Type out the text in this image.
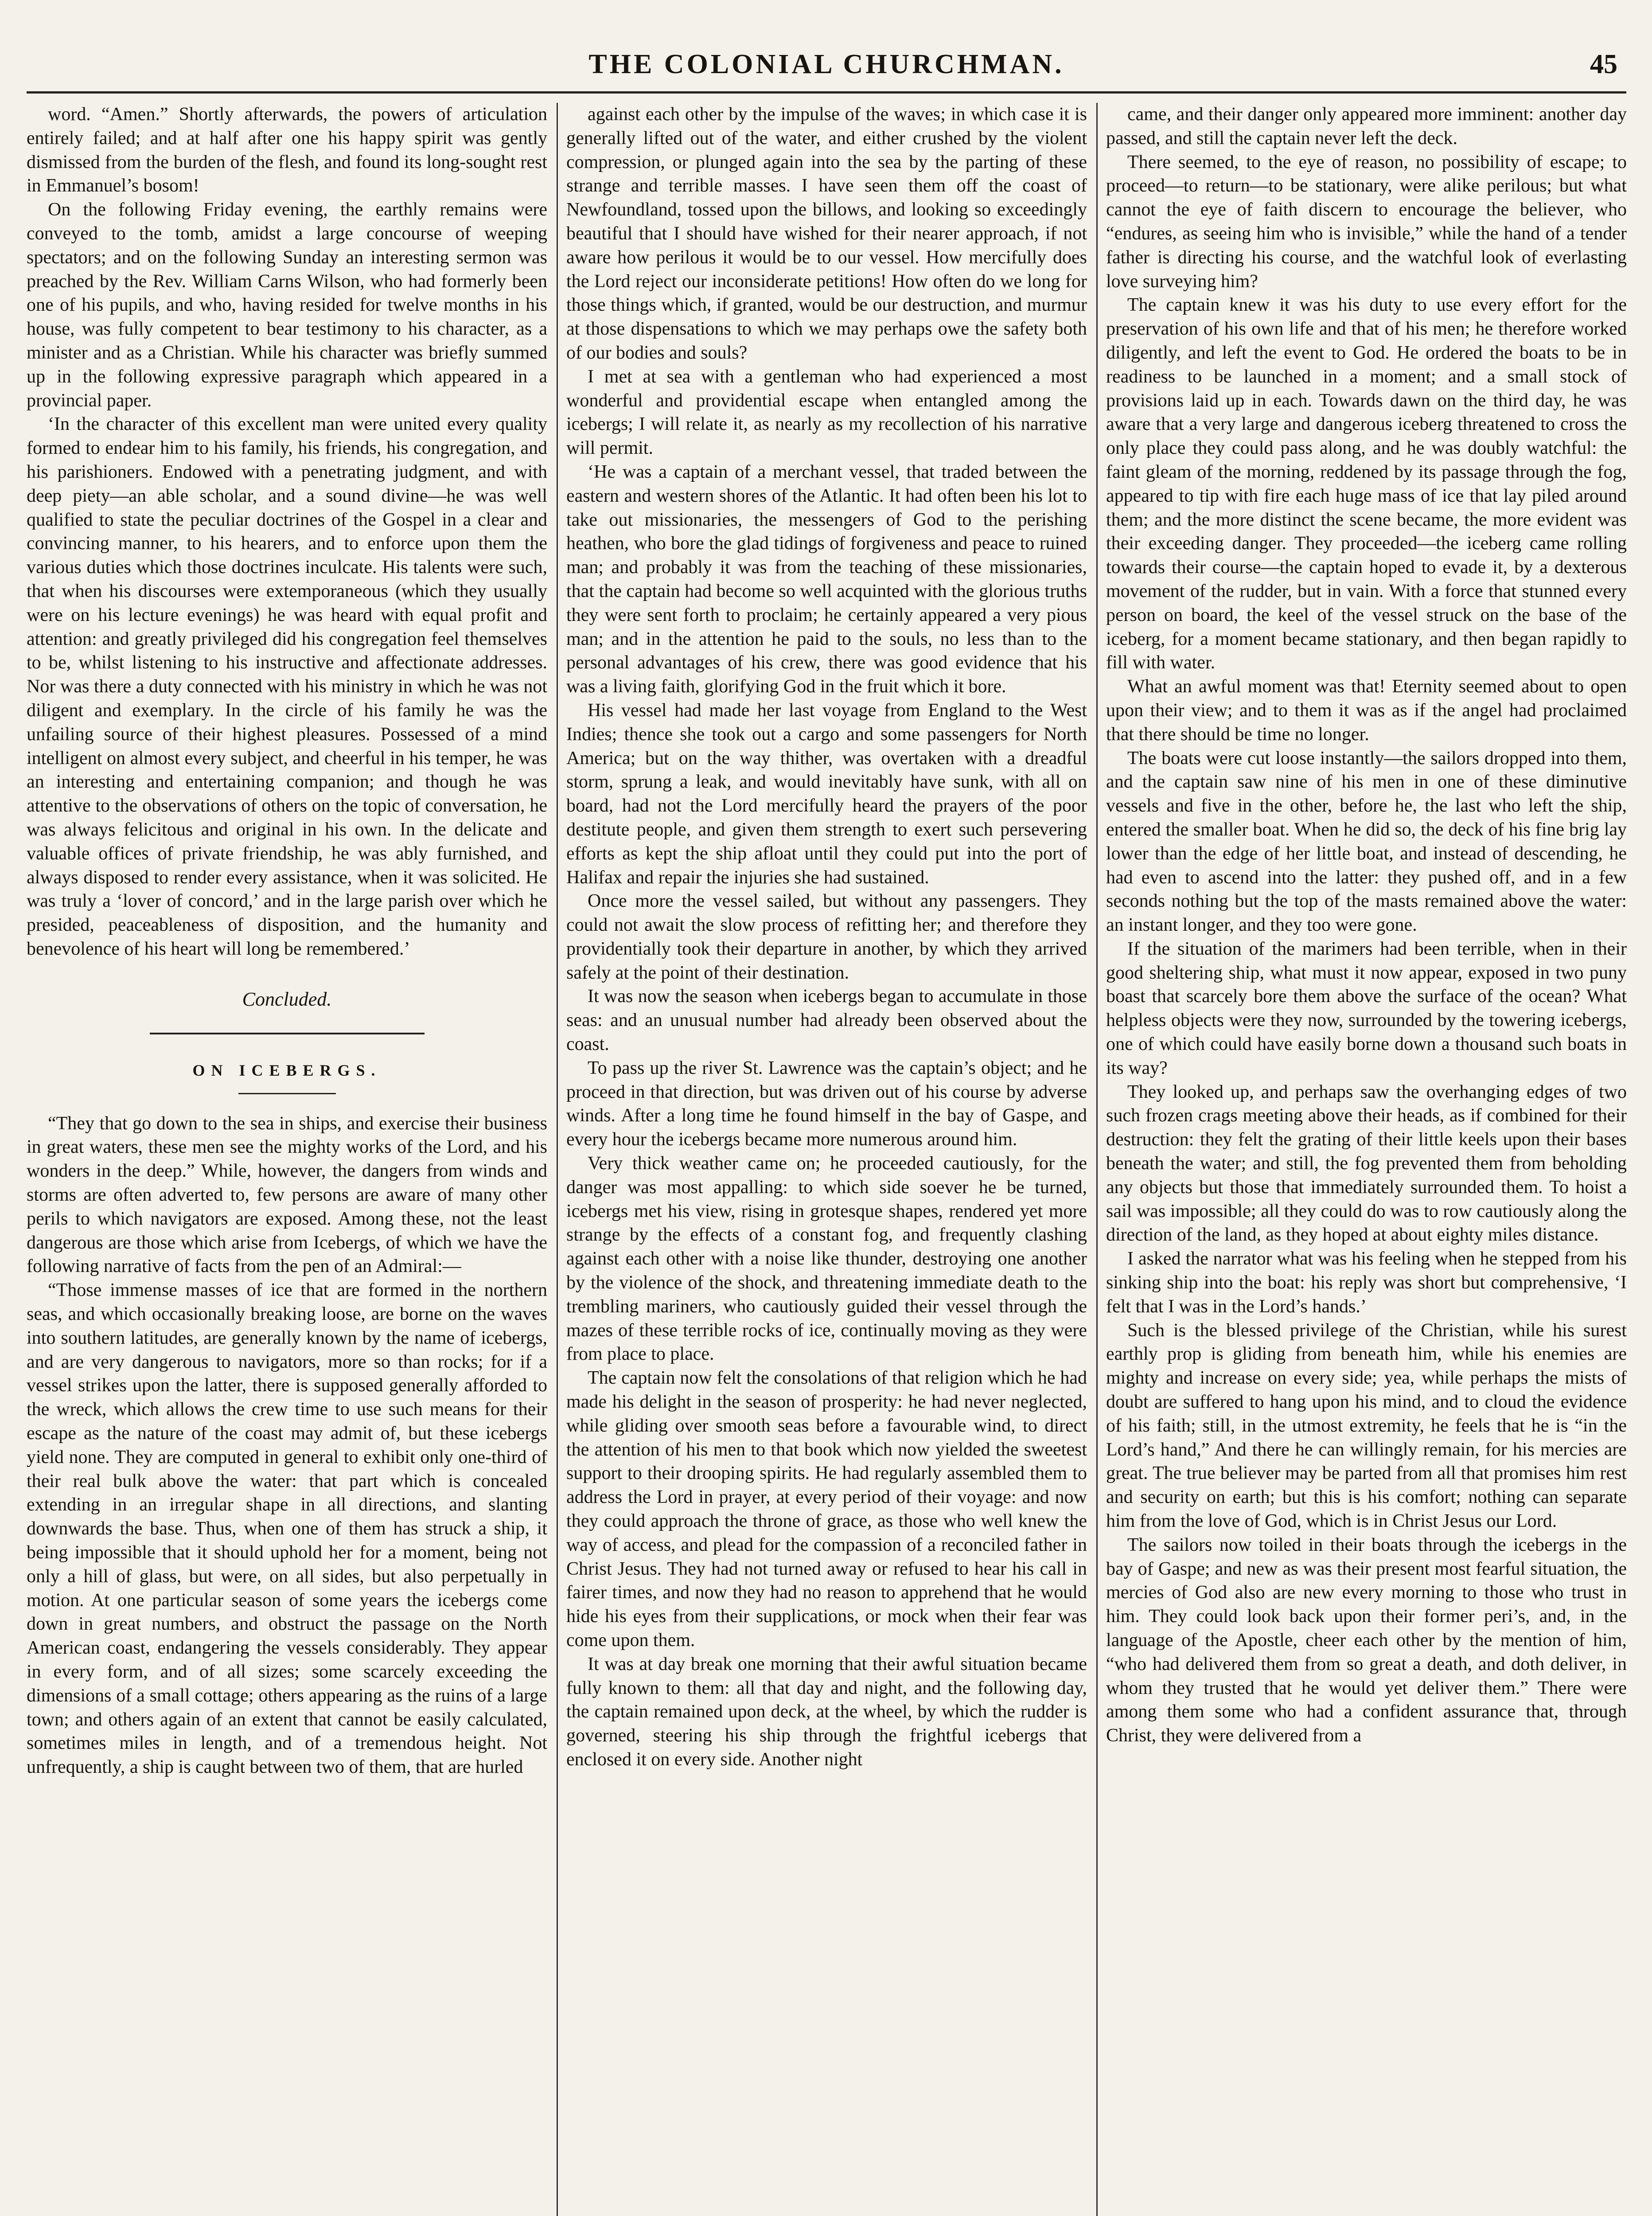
THE COLONIAL CHURCHMAN.	45

word. “Amen.” Shortly afterwards, the powers of articulation entirely failed; and at half after one his happy spirit was gently dismissed from the burden of the flesh, and found its long-sought rest in Emmanuel’s bosom!

On the following Friday evening, the earthly remains were conveyed to the tomb, amidst a large concourse of weeping spectators; and on the following Sunday an interesting sermon was preached by the Rev. William Carns Wilson, who had formerly been one of his pupils, and who, having resided for twelve months in his house, was fully competent to bear testimony to his character, as a minister and as a Christian. While his character was briefly summed up in the following expressive paragraph which appeared in a provincial paper.

‘In the character of this excellent man were united every quality formed to endear him to his family, his friends, his congregation, and his parishioners. Endowed with a penetrating judgment, and with deep piety—an able scholar, and a sound divine—he was well qualified to state the peculiar doctrines of the Gospel in a clear and convincing manner, to his hearers, and to enforce upon them the various duties which those doctrines inculcate. His talents were such, that when his discourses were extemporaneous (which they usually were on his lecture evenings) he was heard with equal profit and attention: and greatly privileged did his congregation feel themselves to be, whilst listening to his instructive and affectionate addresses. Nor was there a duty connected with his ministry in which he was not diligent and exemplary. In the circle of his family he was the unfailing source of their highest pleasures. Possessed of a mind intelligent on almost every subject, and cheerful in his temper, he was an interesting and entertaining companion; and though he was attentive to the observations of others on the topic of conversation, he was always felicitous and original in his own. In the delicate and valuable offices of private friendship, he was ably furnished, and always disposed to render every assistance, when it was solicited. He was truly a ‘lover of concord,’ and in the large parish over which he presided, peaceableness of disposition, and the humanity and benevolence of his heart will long be remembered.’

Concluded.
ON ICEBERGS.

“They that go down to the sea in ships, and exercise their business in great waters, these men see the mighty works of the Lord, and his wonders in the deep.” While, however, the dangers from winds and storms are often adverted to, few persons are aware of many other perils to which navigators are exposed. Among these, not the least dangerous are those which arise from Icebergs, of which we have the following narrative of facts from the pen of an Admiral:—

“Those immense masses of ice that are formed in the northern seas, and which occasionally breaking loose, are borne on the waves into southern latitudes, are generally known by the name of icebergs, and are very dangerous to navigators, more so than rocks; for if a vessel strikes upon the latter, there is supposed generally afforded to the wreck, which allows the crew time to use such means for their escape as the nature of the coast may admit of, but these icebergs yield none. They are computed in general to exhibit only one-third of their real bulk above the water: that part which is concealed extending in an irregular shape in all directions, and slanting downwards the base. Thus, when one of them has struck a ship, it being impossible that it should uphold her for a moment, being not only a hill of glass, but were, on all sides, but also perpetually in motion. At one particular season of some years the icebergs come down in great numbers, and obstruct the passage on the North American coast, endangering the vessels considerably. They appear in every form, and of all sizes; some scarcely exceeding the dimensions of a small cottage; others appearing as the ruins of a large town; and others again of an extent that cannot be easily calculated, sometimes miles in length, and of a tremendous height. Not unfrequently, a ship is caught between two of them, that are hurled

against each other by the impulse of the waves; in which case it is generally lifted out of the water, and either crushed by the violent compression, or plunged again into the sea by the parting of these strange and terrible masses. I have seen them off the coast of Newfoundland, tossed upon the billows, and looking so exceedingly beautiful that I should have wished for their nearer approach, if not aware how perilous it would be to our vessel. How mercifully does the Lord reject our inconsiderate petitions! How often do we long for those things which, if granted, would be our destruction, and murmur at those dispensations to which we may perhaps owe the safety both of our bodies and souls?

I met at sea with a gentleman who had experienced a most wonderful and providential escape when entangled among the icebergs; I will relate it, as nearly as my recollection of his narrative will permit.

‘He was a captain of a merchant vessel, that traded between the eastern and western shores of the Atlantic. It had often been his lot to take out missionaries, the messengers of God to the perishing heathen, who bore the glad tidings of forgiveness and peace to ruined man; and probably it was from the teaching of these missionaries, that the captain had become so well acquinted with the glorious truths they were sent forth to proclaim; he certainly appeared a very pious man; and in the attention he paid to the souls, no less than to the personal advantages of his crew, there was good evidence that his was a living faith, glorifying God in the fruit which it bore.

His vessel had made her last voyage from England to the West Indies; thence she took out a cargo and some passengers for North America; but on the way thither, was overtaken with a dreadful storm, sprung a leak, and would inevitably have sunk, with all on board, had not the Lord mercifully heard the prayers of the poor destitute people, and given them strength to exert such persevering efforts as kept the ship afloat until they could put into the port of Halifax and repair the injuries she had sustained.

Once more the vessel sailed, but without any passengers. They could not await the slow process of refitting her; and therefore they providentially took their departure in another, by which they arrived safely at the point of their destination.

It was now the season when icebergs began to accumulate in those seas: and an unusual number had already been observed about the coast.

To pass up the river St. Lawrence was the captain’s object; and he proceed in that direction, but was driven out of his course by adverse winds. After a long time he found himself in the bay of Gaspe, and every hour the icebergs became more numerous around him.

Very thick weather came on; he proceeded cautiously, for the danger was most appalling: to which side soever he be turned, icebergs met his view, rising in grotesque shapes, rendered yet more strange by the effects of a constant fog, and frequently clashing against each other with a noise like thunder, destroying one another by the violence of the shock, and threatening immediate death to the trembling mariners, who cautiously guided their vessel through the mazes of these terrible rocks of ice, continually moving as they were from place to place.

The captain now felt the consolations of that religion which he had made his delight in the season of prosperity: he had never neglected, while gliding over smooth seas before a favourable wind, to direct the attention of his men to that book which now yielded the sweetest support to their drooping spirits. He had regularly assembled them to address the Lord in prayer, at every period of their voyage: and now they could approach the throne of grace, as those who well knew the way of access, and plead for the compassion of a reconciled father in Christ Jesus. They had not turned away or refused to hear his call in fairer times, and now they had no reason to apprehend that he would hide his eyes from their supplications, or mock when their fear was come upon them.

It was at day break one morning that their awful situation became fully known to them: all that day and night, and the following day, the captain remained upon deck, at the wheel, by which the rudder is governed, steering his ship through the frightful icebergs that enclosed it on every side. Another night

came, and their danger only appeared more imminent: another day passed, and still the captain never left the deck.

There seemed, to the eye of reason, no possibility of escape; to proceed—to return—to be stationary, were alike perilous; but what cannot the eye of faith discern to encourage the believer, who “endures, as seeing him who is invisible,” while the hand of a tender father is directing his course, and the watchful look of everlasting love surveying him?

The captain knew it was his duty to use every effort for the preservation of his own life and that of his men; he therefore worked diligently, and left the event to God. He ordered the boats to be in readiness to be launched in a moment; and a small stock of provisions laid up in each. Towards dawn on the third day, he was aware that a very large and dangerous iceberg threatened to cross the only place they could pass along, and he was doubly watchful: the faint gleam of the morning, reddened by its passage through the fog, appeared to tip with fire each huge mass of ice that lay piled around them; and the more distinct the scene became, the more evident was their exceeding danger. They proceeded—the iceberg came rolling towards their course—the captain hoped to evade it, by a dexterous movement of the rudder, but in vain. With a force that stunned every person on board, the keel of the vessel struck on the base of the iceberg, for a moment became stationary, and then began rapidly to fill with water.

What an awful moment was that! Eternity seemed about to open upon their view; and to them it was as if the angel had proclaimed that there should be time no longer.

The boats were cut loose instantly—the sailors dropped into them, and the captain saw nine of his men in one of these diminutive vessels and five in the other, before he, the last who left the ship, entered the smaller boat. When he did so, the deck of his fine brig lay lower than the edge of her little boat, and instead of descending, he had even to ascend into the latter: they pushed off, and in a few seconds nothing but the top of the masts remained above the water: an instant longer, and they too were gone.

If the situation of the marimers had been terrible, when in their good sheltering ship, what must it now appear, exposed in two puny boast that scarcely bore them above the surface of the ocean? What helpless objects were they now, surrounded by the towering icebergs, one of which could have easily borne down a thousand such boats in its way?

They looked up, and perhaps saw the overhanging edges of two such frozen crags meeting above their heads, as if combined for their destruction: they felt the grating of their little keels upon their bases beneath the water; and still, the fog prevented them from beholding any objects but those that immediately surrounded them. To hoist a sail was impossible; all they could do was to row cautiously along the direction of the land, as they hoped at about eighty miles distance.

I asked the narrator what was his feeling when he stepped from his sinking ship into the boat: his reply was short but comprehensive, ‘I felt that I was in the Lord’s hands.’

Such is the blessed privilege of the Christian, while his surest earthly prop is gliding from beneath him, while his enemies are mighty and increase on every side; yea, while perhaps the mists of doubt are suffered to hang upon his mind, and to cloud the evidence of his faith; still, in the utmost extremity, he feels that he is “in the Lord’s hand,” And there he can willingly remain, for his mercies are great. The true believer may be parted from all that promises him rest and security on earth; but this is his comfort; nothing can separate him from the love of God, which is in Christ Jesus our Lord.

The sailors now toiled in their boats through the icebergs in the bay of Gaspe; and new as was their present most fearful situation, the mercies of God also are new every morning to those who trust in him. They could look back upon their former peri’s, and, in the language of the Apostle, cheer each other by the mention of him, “who had delivered them from so great a death, and doth deliver, in whom they trusted that he would yet deliver them.” There were among them some who had a confident assurance that, through Christ, they were delivered from a
